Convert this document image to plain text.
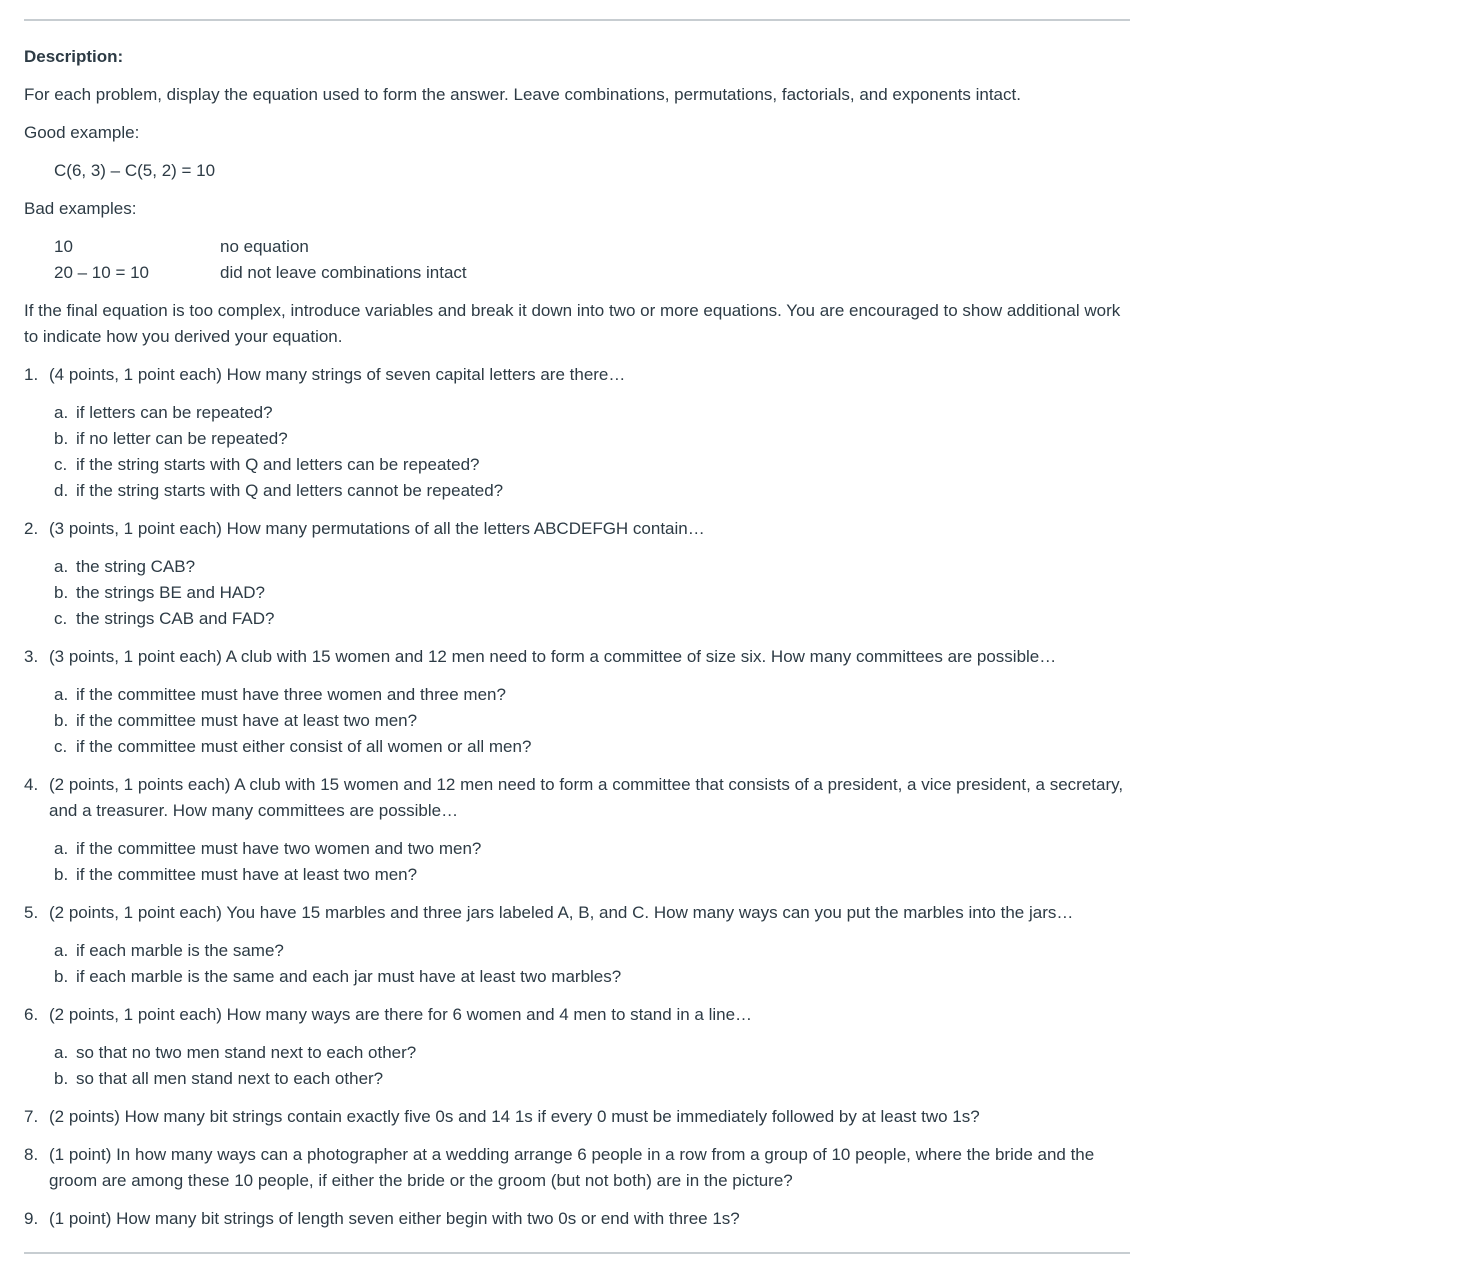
Description:

For each problem, display the equation used to form the answer. Leave combinations, permutations, factorials, and exponents intact.

Good example:

C(6, 3) – C(5, 2) = 10

Bad examples:

10	no equation
20 – 10 = 10	did not leave combinations intact

If the final equation is too complex, introduce variables and break it down into two or more equations. You are encouraged to show additional work to indicate how you derived your equation.

1. (4 points, 1 point each) How many strings of seven capital letters are there…
a. if letters can be repeated?
b. if no letter can be repeated?
c. if the string starts with Q and letters can be repeated?
d. if the string starts with Q and letters cannot be repeated?
2. (3 points, 1 point each) How many permutations of all the letters ABCDEFGH contain…
a. the string CAB?
b. the strings BE and HAD?
c. the strings CAB and FAD?
3. (3 points, 1 point each) A club with 15 women and 12 men need to form a committee of size six. How many committees are possible…
a. if the committee must have three women and three men?
b. if the committee must have at least two men?
c. if the committee must either consist of all women or all men?
4. (2 points, 1 points each) A club with 15 women and 12 men need to form a committee that consists of a president, a vice president, a secretary, and a treasurer. How many committees are possible…
a. if the committee must have two women and two men?
b. if the committee must have at least two men?
5. (2 points, 1 point each) You have 15 marbles and three jars labeled A, B, and C. How many ways can you put the marbles into the jars…
a. if each marble is the same?
b. if each marble is the same and each jar must have at least two marbles?
6. (2 points, 1 point each) How many ways are there for 6 women and 4 men to stand in a line…
a. so that no two men stand next to each other?
b. so that all men stand next to each other?
7. (2 points) How many bit strings contain exactly five 0s and 14 1s if every 0 must be immediately followed by at least two 1s?
8. (1 point) In how many ways can a photographer at a wedding arrange 6 people in a row from a group of 10 people, where the bride and the groom are among these 10 people, if either the bride or the groom (but not both) are in the picture?
9. (1 point) How many bit strings of length seven either begin with two 0s or end with three 1s?
